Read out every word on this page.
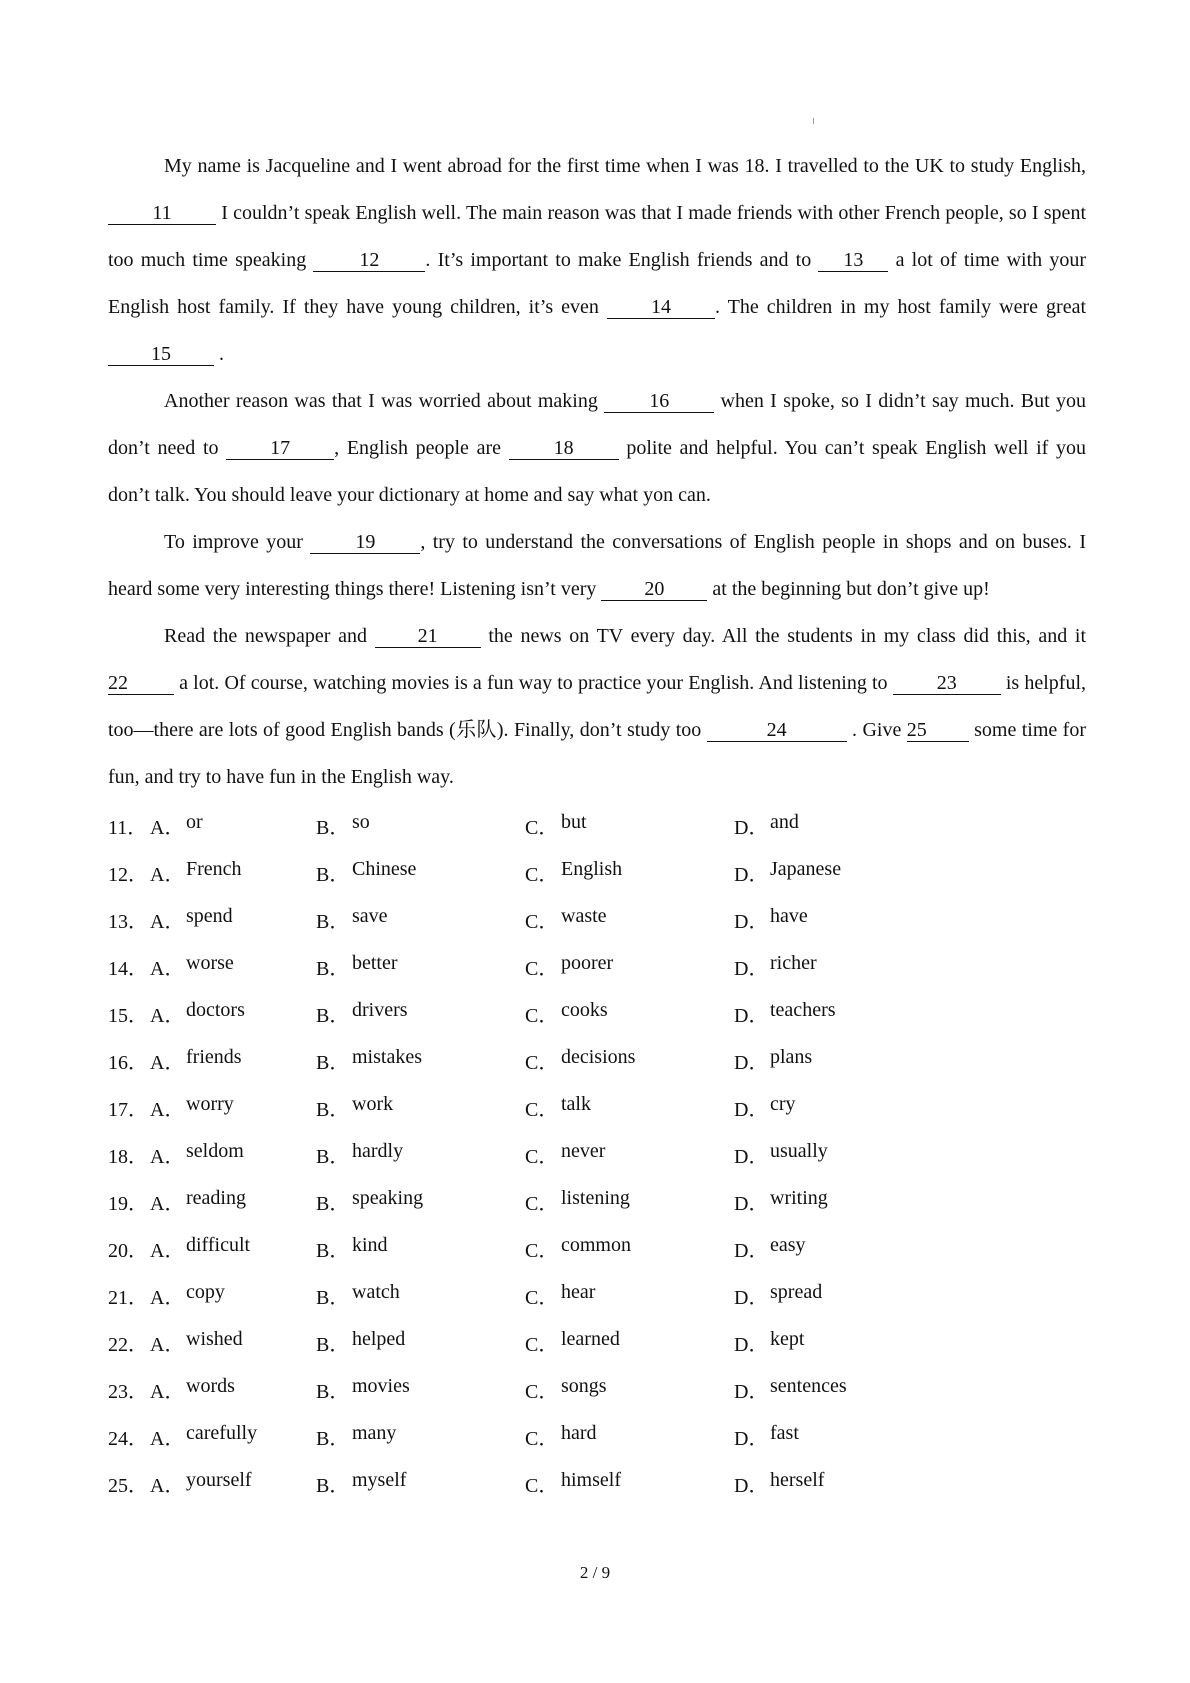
My name is Jacqueline and I went abroad for the first time when I was 18. I travelled to the UK to study English, 11 I couldn’t speak English well. The main reason was that I made friends with other French people, so I spent too much time speaking 12 . It’s important to make English friends and to 13 a lot of time with your English host family. If they have young children, it’s even 14 . The children in my host family were great 15 .

Another reason was that I was worried about making 16 when I spoke, so I didn’t say much. But you don’t need to 17 , English people are 18 polite and helpful. You can’t speak English well if you don’t talk. You should leave your dictionary at home and say what yon can.

To improve your 19 , try to understand the conversations of English people in shops and on buses. I heard some very interesting things there! Listening isn’t very 20 at the beginning but don’t give up!

Read the newspaper and 21 the news on TV every day. All the students in my class did this, and it 22 a lot. Of course, watching movies is a fun way to practice your English. And listening to 23 is helpful, too—there are lots of good English bands (乐队). Finally, don’t study too	24	. Give 25 some time for fun, and try to have fun in the English way.

11． A． or	B． so	C． but	D． and
12． A． French	B． Chinese	C． English	D． Japanese
13． A． spend	B． save	C． waste	D． have
14． A． worse	B． better	C． poorer	D． richer
15． A． doctors	B． drivers	C． cooks	D． teachers
16． A． friends	B． mistakes	C． decisions	D． plans
17． A． worry	B． work	C． talk	D． cry
18． A． seldom	B． hardly	C． never	D． usually
19． A． reading	B． speaking	C． listening	D． writing
20． A． difficult	B． kind	C． common	D． easy
21． A． copy	B． watch	C． hear	D． spread
22． A． wished	B． helped	C． learned	D． kept
23． A． words	B． movies	C． songs	D． sentences
24． A． carefully	B． many	C． hard	D． fast
25． A． yourself	B． myself	C． himself	D． herself
2 / 9
